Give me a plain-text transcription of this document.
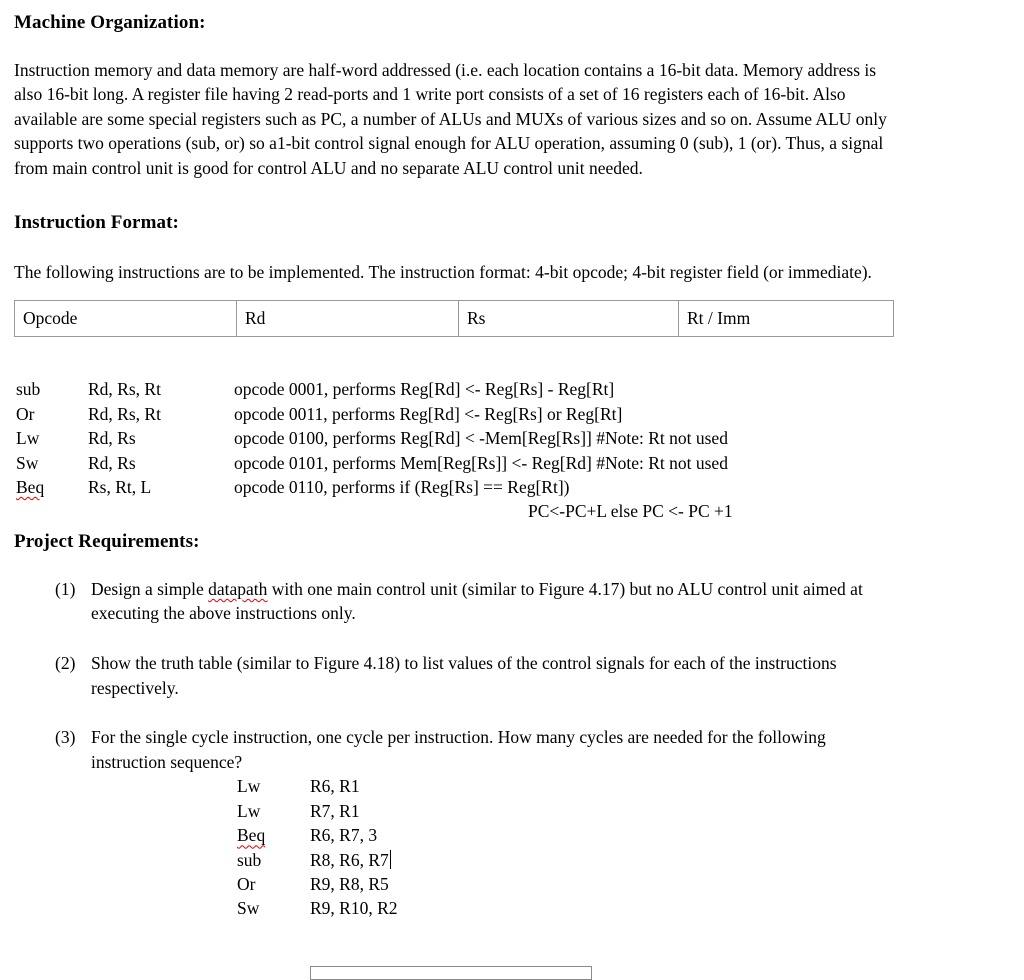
Machine Organization:
Instruction memory and data memory are half-word addressed (i.e. each location contains a 16-bit data. Memory address is also 16-bit long. A register file having 2 read-ports and 1 write port consists of a set of 16 registers each of 16-bit. Also available are some special registers such as PC, a number of ALUs and MUXs of various sizes and so on. Assume ALU only supports two operations (sub, or) so a1-bit control signal enough for ALU operation, assuming 0 (sub), 1 (or). Thus, a signal from main control unit is good for control ALU and no separate ALU control unit needed.
Instruction Format:
The following instructions are to be implemented. The instruction format: 4-bit opcode; 4-bit register field (or immediate).
Opcode	Rd	Rs	Rt / Imm
sub	Rd, Rs, Rt	opcode 0001, performs Reg[Rd] <- Reg[Rs] - Reg[Rt]
Or	Rd, Rs, Rt	opcode 0011, performs Reg[Rd] <- Reg[Rs] or Reg[Rt]
Lw	Rd, Rs	opcode 0100, performs Reg[Rd] < -Mem[Reg[Rs]] #Note: Rt not used
Sw	Rd, Rs	opcode 0101, performs Mem[Reg[Rs]] <- Reg[Rd] #Note: Rt not used
Beq	Rs, Rt, L	opcode 0110, performs if (Reg[Rs] == Reg[Rt])
PC<-PC+L else PC <- PC +1
Project Requirements:
(1) Design a simple datapath with one main control unit (similar to Figure 4.17) but no ALU control unit aimed at executing the above instructions only.
(2) Show the truth table (similar to Figure 4.18) to list values of the control signals for each of the instructions respectively.
(3) For the single cycle instruction, one cycle per instruction. How many cycles are needed for the following instruction sequence?
Lw	R6, R1
Lw	R7, R1
Beq	R6, R7, 3
sub	R8, R6, R7
Or	R9, R8, R5
Sw	R9, R10, R2
